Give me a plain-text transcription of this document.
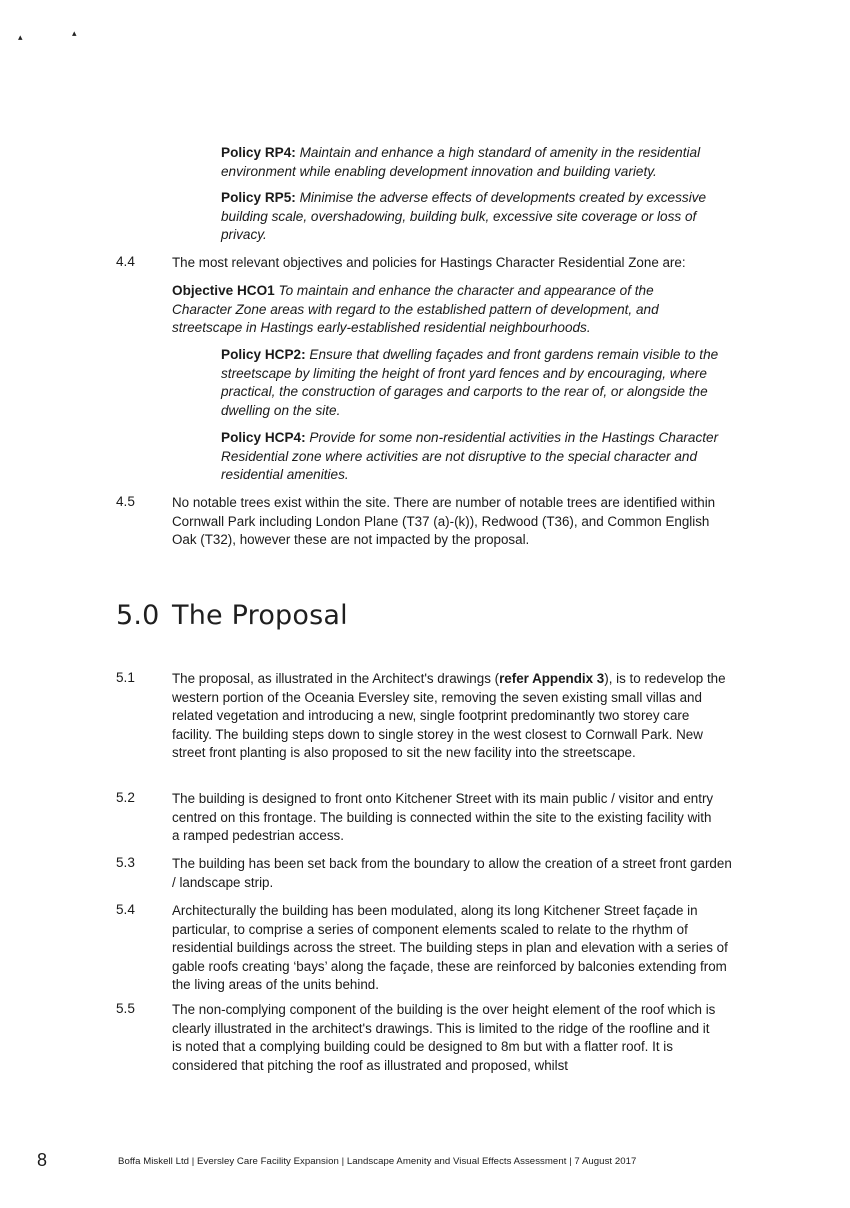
▴	▴
Policy RP4: Maintain and enhance a high standard of amenity in the residential environment while enabling development innovation and building variety.
Policy RP5: Minimise the adverse effects of developments created by excessive building scale, overshadowing, building bulk, excessive site coverage or loss of privacy.
4.4	The most relevant objectives and policies for Hastings Character Residential Zone are:
Objective HCO1 To maintain and enhance the character and appearance of the Character Zone areas with regard to the established pattern of development, and streetscape in Hastings early-established residential neighbourhoods.
Policy HCP2: Ensure that dwelling façades and front gardens remain visible to the streetscape by limiting the height of front yard fences and by encouraging, where practical, the construction of garages and carports to the rear of, or alongside the dwelling on the site.
Policy HCP4: Provide for some non-residential activities in the Hastings Character Residential zone where activities are not disruptive to the special character and residential amenities.
4.5	No notable trees exist within the site. There are number of notable trees are identified within Cornwall Park including London Plane (T37 (a)-(k)), Redwood (T36), and Common English Oak (T32), however these are not impacted by the proposal.
5.0 The Proposal
5.1	The proposal, as illustrated in the Architect's drawings (refer Appendix 3), is to redevelop the western portion of the Oceania Eversley site, removing the seven existing small villas and related vegetation and introducing a new, single footprint predominantly two storey care facility. The building steps down to single storey in the west closest to Cornwall Park. New street front planting is also proposed to sit the new facility into the streetscape.
5.2	The building is designed to front onto Kitchener Street with its main public / visitor and entry centred on this frontage. The building is connected within the site to the existing facility with a ramped pedestrian access.
5.3	The building has been set back from the boundary to allow the creation of a street front garden / landscape strip.
5.4	Architecturally the building has been modulated, along its long Kitchener Street façade in particular, to comprise a series of component elements scaled to relate to the rhythm of residential buildings across the street. The building steps in plan and elevation with a series of gable roofs creating ‘bays’ along the façade, these are reinforced by balconies extending from the living areas of the units behind.
5.5	The non-complying component of the building is the over height element of the roof which is clearly illustrated in the architect's drawings. This is limited to the ridge of the roofline and it is noted that a complying building could be designed to 8m but with a flatter roof. It is considered that pitching the roof as illustrated and proposed, whilst
8	Boffa Miskell Ltd | Eversley Care Facility Expansion | Landscape Amenity and Visual Effects Assessment | 7 August 2017
